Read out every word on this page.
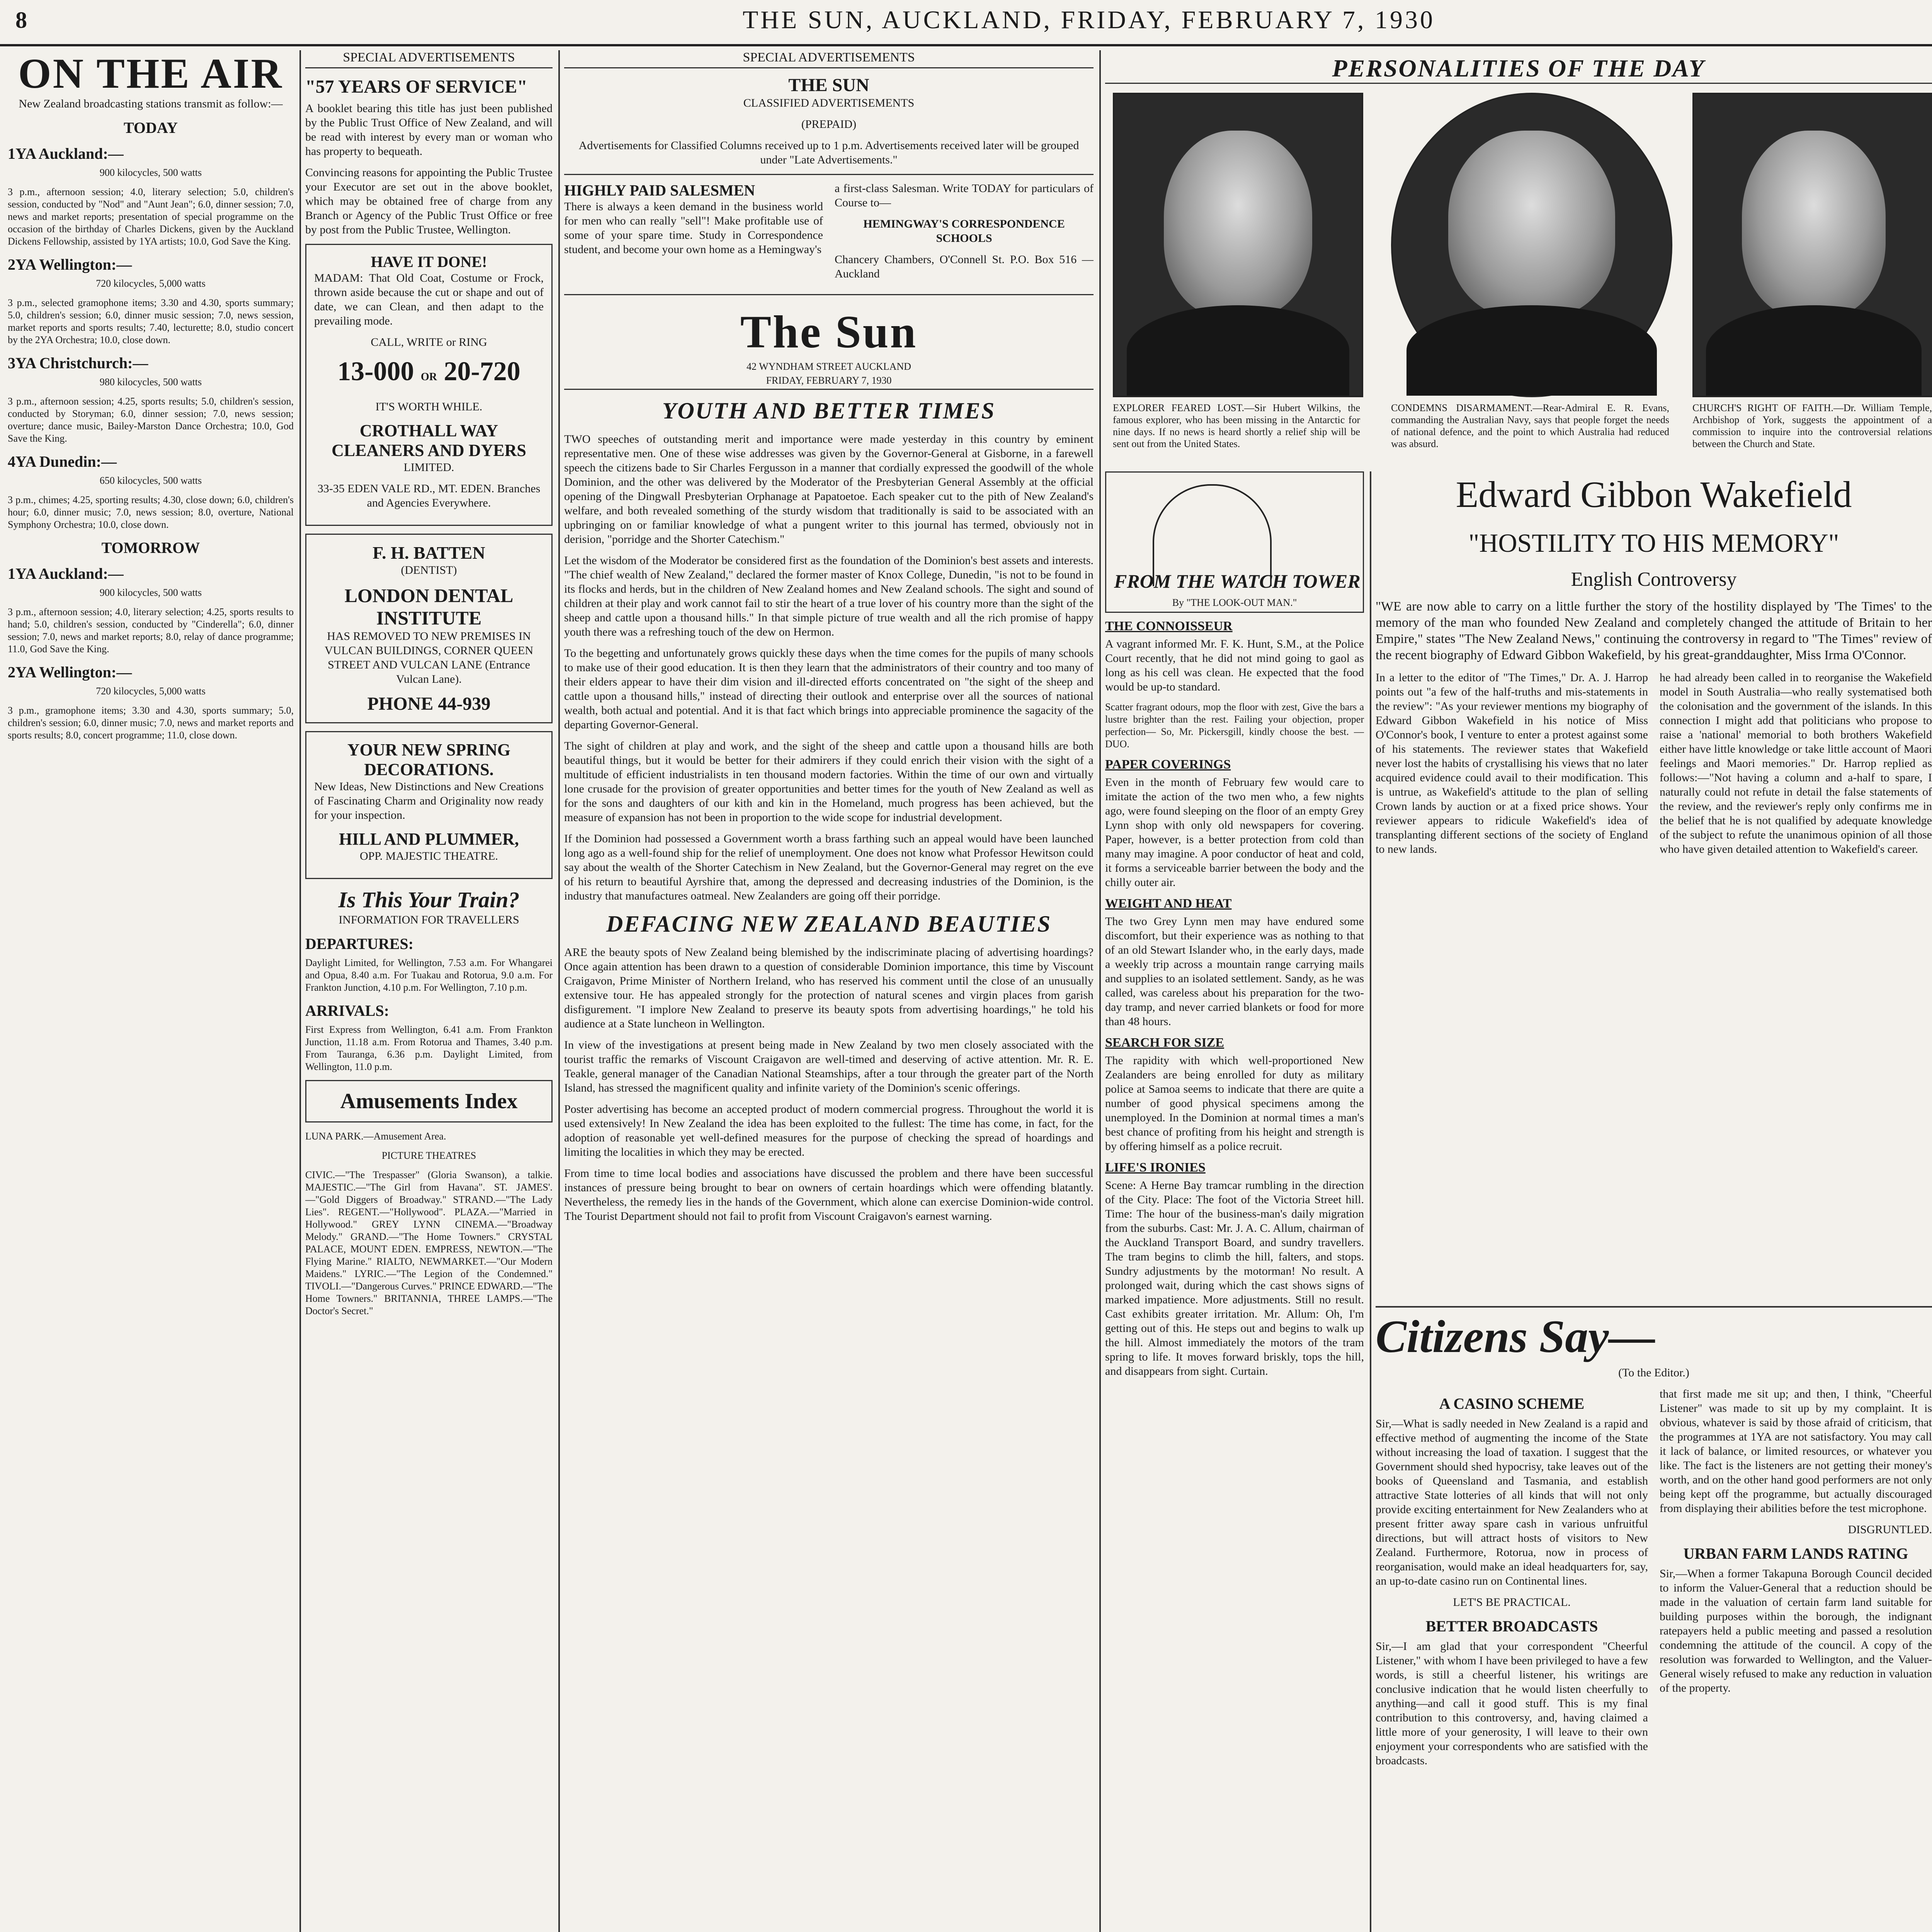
8	THE SUN, AUCKLAND, FRIDAY, FEBRUARY 7, 1930
ON THE AIR

New Zealand broadcasting stations transmit as follow:—

TODAY
1YA Auckland:—

900 kilocycles, 500 watts

3 p.m., afternoon session; 4.0, literary selection; 5.0, children's session, conducted by "Nod" and "Aunt Jean"; 6.0, dinner session; 7.0, news and market reports; presentation of special programme on the occasion of the birthday of Charles Dickens, given by the Auckland Dickens Fellowship, assisted by 1YA artists; 10.0, God Save the King.

2YA Wellington:—

720 kilocycles, 5,000 watts

3 p.m., selected gramophone items; 3.30 and 4.30, sports summary; 5.0, children's session; 6.0, dinner music session; 7.0, news session, market reports and sports results; 7.40, lecturette; 8.0, studio concert by the 2YA Orchestra; 10.0, close down.

3YA Christchurch:—

980 kilocycles, 500 watts

3 p.m., afternoon session; 4.25, sports results; 5.0, children's session, conducted by Storyman; 6.0, dinner session; 7.0, news session; overture; dance music, Bailey-Marston Dance Orchestra; 10.0, God Save the King.

4YA Dunedin:—

650 kilocycles, 500 watts

3 p.m., chimes; 4.25, sporting results; 4.30, close down; 6.0, children's hour; 6.0, dinner music; 7.0, news session; 8.0, overture, National Symphony Orchestra; 10.0, close down.

TOMORROW
1YA Auckland:—

900 kilocycles, 500 watts

3 p.m., afternoon session; 4.0, literary selection; 4.25, sports results to hand; 5.0, children's session, conducted by "Cinderella"; 6.0, dinner session; 7.0, news and market reports; 8.0, relay of dance programme; 11.0, God Save the King.

2YA Wellington:—

720 kilocycles, 5,000 watts

3 p.m., gramophone items; 3.30 and 4.30, sports summary; 5.0, children's session; 6.0, dinner music; 7.0, news and market reports and sports results; 8.0, concert programme; 11.0, close down.

SPECIAL ADVERTISEMENTS
"57 YEARS OF SERVICE"

A booklet bearing this title has just been published by the Public Trust Office of New Zealand, and will be read with interest by every man or woman who has property to bequeath.

Convincing reasons for appointing the Public Trustee your Executor are set out in the above booklet, which may be obtained free of charge from any Branch or Agency of the Public Trust Office or free by post from the Public Trustee, Wellington.

HAVE IT DONE!

MADAM: That Old Coat, Costume or Frock, thrown aside because the cut or shape and out of date, we can Clean, and then adapt to the prevailing mode.

CALL, WRITE or RING

13-000 OR 20-720

IT'S WORTH WHILE.

CROTHALL WAY CLEANERS AND DYERS

LIMITED.

33-35 EDEN VALE RD., MT. EDEN. Branches and Agencies Everywhere.

F. H. BATTEN

(DENTIST)

LONDON DENTAL INSTITUTE

HAS REMOVED TO NEW PREMISES IN VULCAN BUILDINGS, CORNER QUEEN STREET AND VULCAN LANE (Entrance Vulcan Lane).

PHONE 44-939
YOUR NEW SPRING DECORATIONS.

New Ideas, New Distinctions and New Creations of Fascinating Charm and Originality now ready for your inspection.

HILL AND PLUMMER,

OPP. MAJESTIC THEATRE.

Is This Your Train?

INFORMATION FOR TRAVELLERS

DEPARTURES:

Daylight Limited, for Wellington, 7.53 a.m. For Whangarei and Opua, 8.40 a.m. For Tuakau and Rotorua, 9.0 a.m. For Frankton Junction, 4.10 p.m. For Wellington, 7.10 p.m.

ARRIVALS:

First Express from Wellington, 6.41 a.m. From Frankton Junction, 11.18 a.m. From Rotorua and Thames, 3.40 p.m. From Tauranga, 6.36 p.m. Daylight Limited, from Wellington, 11.0 p.m.

Amusements Index

LUNA PARK.—Amusement Area.

PICTURE THEATRES

CIVIC.—"The Trespasser" (Gloria Swanson), a talkie. MAJESTIC.—"The Girl from Havana". ST. JAMES'.—"Gold Diggers of Broadway." STRAND.—"The Lady Lies". REGENT.—"Hollywood". PLAZA.—"Married in Hollywood." GREY LYNN CINEMA.—"Broadway Melody." GRAND.—"The Home Towners." CRYSTAL PALACE, MOUNT EDEN. EMPRESS, NEWTON.—"The Flying Marine." RIALTO, NEWMARKET.—"Our Modern Maidens." LYRIC.—"The Legion of the Condemned." TIVOLI.—"Dangerous Curves." PRINCE EDWARD.—"The Home Towners." BRITANNIA, THREE LAMPS.—"The Doctor's Secret."

SPECIAL ADVERTISEMENTS
THE SUN

CLASSIFIED ADVERTISEMENTS

(PREPAID)

Advertisements for Classified Columns received up to 1 p.m. Advertisements received later will be grouped under "Late Advertisements."

HIGHLY PAID SALESMEN

There is always a keen demand in the business world for men who can really "sell"! Make profitable use of some of your spare time. Study in Correspondence student, and become your own home as a Hemingway's

a first-class Salesman. Write TODAY for particulars of Course to—

HEMINGWAY'S CORRESPONDENCE SCHOOLS

Chancery Chambers, O'Connell St. P.O. Box 516 — Auckland

The Sun
42 WYNDHAM STREET AUCKLAND
FRIDAY, FEBRUARY 7, 1930
YOUTH AND BETTER TIMES

TWO speeches of outstanding merit and importance were made yesterday in this country by eminent representative men. One of these wise addresses was given by the Governor-General at Gisborne, in a farewell speech the citizens bade to Sir Charles Fergusson in a manner that cordially expressed the goodwill of the whole Dominion, and the other was delivered by the Moderator of the Presbyterian General Assembly at the official opening of the Dingwall Presbyterian Orphanage at Papatoetoe. Each speaker cut to the pith of New Zealand's welfare, and both revealed something of the sturdy wisdom that traditionally is said to be associated with an upbringing on or familiar knowledge of what a pungent writer to this journal has termed, obviously not in derision, "porridge and the Shorter Catechism."

Let the wisdom of the Moderator be considered first as the foundation of the Dominion's best assets and interests. "The chief wealth of New Zealand," declared the former master of Knox College, Dunedin, "is not to be found in its flocks and herds, but in the children of New Zealand homes and New Zealand schools. The sight and sound of children at their play and work cannot fail to stir the heart of a true lover of his country more than the sight of the sheep and cattle upon a thousand hills." In that simple picture of true wealth and all the rich promise of happy youth there was a refreshing touch of the dew on Hermon.

To the begetting and unfortunately grows quickly these days when the time comes for the pupils of many schools to make use of their good education. It is then they learn that the administrators of their country and too many of their elders appear to have their dim vision and ill-directed efforts concentrated on "the sight of the sheep and cattle upon a thousand hills," instead of directing their outlook and enterprise over all the sources of national wealth, both actual and potential. And it is that fact which brings into appreciable prominence the sagacity of the departing Governor-General.

The sight of children at play and work, and the sight of the sheep and cattle upon a thousand hills are both beautiful things, but it would be better for their admirers if they could enrich their vision with the sight of a multitude of efficient industrialists in ten thousand modern factories. Within the time of our own and virtually lone crusade for the provision of greater opportunities and better times for the youth of New Zealand as well as for the sons and daughters of our kith and kin in the Homeland, much progress has been achieved, but the measure of expansion has not been in proportion to the wide scope for industrial development.

If the Dominion had possessed a Government worth a brass farthing such an appeal would have been launched long ago as a well-found ship for the relief of unemployment. One does not know what Professor Hewitson could say about the wealth of the Shorter Catechism in New Zealand, but the Governor-General may regret on the eve of his return to beautiful Ayrshire that, among the depressed and decreasing industries of the Dominion, is the industry that manufactures oatmeal. New Zealanders are going off their porridge.

DEFACING NEW ZEALAND BEAUTIES

ARE the beauty spots of New Zealand being blemished by the indiscriminate placing of advertising hoardings? Once again attention has been drawn to a question of considerable Dominion importance, this time by Viscount Craigavon, Prime Minister of Northern Ireland, who has reserved his comment until the close of an unusually extensive tour. He has appealed strongly for the protection of natural scenes and virgin places from garish disfigurement. "I implore New Zealand to preserve its beauty spots from advertising hoardings," he told his audience at a State luncheon in Wellington.

In view of the investigations at present being made in New Zealand by two men closely associated with the tourist traffic the remarks of Viscount Craigavon are well-timed and deserving of active attention. Mr. R. E. Teakle, general manager of the Canadian National Steamships, after a tour through the greater part of the North Island, has stressed the magnificent quality and infinite variety of the Dominion's scenic offerings.

Poster advertising has become an accepted product of modern commercial progress. Throughout the world it is used extensively! In New Zealand the idea has been exploited to the fullest: The time has come, in fact, for the adoption of reasonable yet well-defined measures for the purpose of checking the spread of hoardings and limiting the localities in which they may be erected.

From time to time local bodies and associations have discussed the problem and there have been successful instances of pressure being brought to bear on owners of certain hoardings which were offending blatantly. Nevertheless, the remedy lies in the hands of the Government, which alone can exercise Dominion-wide control. The Tourist Department should not fail to profit from Viscount Craigavon's earnest warning.

PERSONALITIES OF THE DAY
EXPLORER FEARED LOST.—Sir Hubert Wilkins, the famous explorer, who has been missing in the Antarctic for nine days. If no news is heard shortly a relief ship will be sent out from the United States.
CONDEMNS DISARMAMENT.—Rear-Admiral E. R. Evans, commanding the Australian Navy, says that people forget the needs of national defence, and the point to which Australia had reduced was absurd.
CHURCH'S RIGHT OF FAITH.—Dr. William Temple, Archbishop of York, suggests the appointment of a commission to inquire into the controversial relations between the Church and State.
FROM THE WATCH TOWER
By "THE LOOK-OUT MAN."
THE CONNOISSEUR

A vagrant informed Mr. F. K. Hunt, S.M., at the Police Court recently, that he did not mind going to gaol as long as his cell was clean. He expected that the food would be up-to standard.

Scatter fragrant odours, mop the floor with zest, Give the bars a lustre brighter than the rest. Failing your objection, proper perfection— So, Mr. Pickersgill, kindly choose the best. —DUO.

PAPER COVERINGS

Even in the month of February few would care to imitate the action of the two men who, a few nights ago, were found sleeping on the floor of an empty Grey Lynn shop with only old newspapers for covering. Paper, however, is a better protection from cold than many may imagine. A poor conductor of heat and cold, it forms a serviceable barrier between the body and the chilly outer air.

WEIGHT AND HEAT

The two Grey Lynn men may have endured some discomfort, but their experience was as nothing to that of an old Stewart Islander who, in the early days, made a weekly trip across a mountain range carrying mails and supplies to an isolated settlement. Sandy, as he was called, was careless about his preparation for the two-day tramp, and never carried blankets or food for more than 48 hours.

SEARCH FOR SIZE

The rapidity with which well-proportioned New Zealanders are being enrolled for duty as military police at Samoa seems to indicate that there are quite a number of good physical specimens among the unemployed. In the Dominion at normal times a man's best chance of profiting from his height and strength is by offering himself as a police recruit.

LIFE'S IRONIES

Scene: A Herne Bay tramcar rumbling in the direction of the City. Place: The foot of the Victoria Street hill. Time: The hour of the business-man's daily migration from the suburbs. Cast: Mr. J. A. C. Allum, chairman of the Auckland Transport Board, and sundry travellers. The tram begins to climb the hill, falters, and stops. Sundry adjustments by the motorman! No result. A prolonged wait, during which the cast shows signs of marked impatience. More adjustments. Still no result. Cast exhibits greater irritation. Mr. Allum: Oh, I'm getting out of this. He steps out and begins to walk up the hill. Almost immediately the motors of the tram spring to life. It moves forward briskly, tops the hill, and disappears from sight. Curtain.

Edward Gibbon Wakefield
"HOSTILITY TO HIS MEMORY"
English Controversy

"WE are now able to carry on a little further the story of the hostility displayed by 'The Times' to the memory of the man who founded New Zealand and completely changed the attitude of Britain to her Empire," states "The New Zealand News," continuing the controversy in regard to "The Times" review of the recent biography of Edward Gibbon Wakefield, by his great-granddaughter, Miss Irma O'Connor.

In a letter to the editor of "The Times," Dr. A. J. Harrop points out "a few of the half-truths and mis-statements in the review": "As your reviewer mentions my biography of Edward Gibbon Wakefield in his notice of Miss O'Connor's book, I venture to enter a protest against some of his statements. The reviewer states that Wakefield never lost the habits of crystallising his views that no later acquired evidence could avail to their modification. This is untrue, as Wakefield's attitude to the plan of selling Crown lands by auction or at a fixed price shows. Your reviewer appears to ridicule Wakefield's idea of transplanting different sections of the society of England to new lands.

he had already been called in to reorganise the Wakefield model in South Australia—who really systematised both the colonisation and the government of the islands. In this connection I might add that politicians who propose to raise a 'national' memorial to both brothers Wakefield either have little knowledge or take little account of Maori feelings and Maori memories." Dr. Harrop replied as follows:—"Not having a column and a-half to spare, I naturally could not refute in detail the false statements of the review, and the reviewer's reply only confirms me in the belief that he is not qualified by adequate knowledge of the subject to refute the unanimous opinion of all those who have given detailed attention to Wakefield's career.

Citizens Say—

(To the Editor.)

A CASINO SCHEME

Sir,—What is sadly needed in New Zealand is a rapid and effective method of augmenting the income of the State without increasing the load of taxation. I suggest that the Government should shed hypocrisy, take leaves out of the books of Queensland and Tasmania, and establish attractive State lotteries of all kinds that will not only provide exciting entertainment for New Zealanders who at present fritter away spare cash in various unfruitful directions, but will attract hosts of visitors to New Zealand. Furthermore, Rotorua, now in process of reorganisation, would make an ideal headquarters for, say, an up-to-date casino run on Continental lines.

LET'S BE PRACTICAL.

BETTER BROADCASTS

Sir,—I am glad that your correspondent "Cheerful Listener," with whom I have been privileged to have a few words, is still a cheerful listener, his writings are conclusive indication that he would listen cheerfully to anything—and call it good stuff. This is my final contribution to this controversy, and, having claimed a little more of your generosity, I will leave to their own enjoyment your correspondents who are satisfied with the broadcasts.

that first made me sit up; and then, I think, "Cheerful Listener" was made to sit up by my complaint. It is obvious, whatever is said by those afraid of criticism, that the programmes at 1YA are not satisfactory. You may call it lack of balance, or limited resources, or whatever you like. The fact is the listeners are not getting their money's worth, and on the other hand good performers are not only being kept off the programme, but actually discouraged from displaying their abilities before the test microphone.

DISGRUNTLED.

URBAN FARM LANDS RATING

Sir,—When a former Takapuna Borough Council decided to inform the Valuer-General that a reduction should be made in the valuation of certain farm land suitable for building purposes within the borough, the indignant ratepayers held a public meeting and passed a resolution condemning the attitude of the council. A copy of the resolution was forwarded to Wellington, and the Valuer-General wisely refused to make any reduction in valuation of the property.
